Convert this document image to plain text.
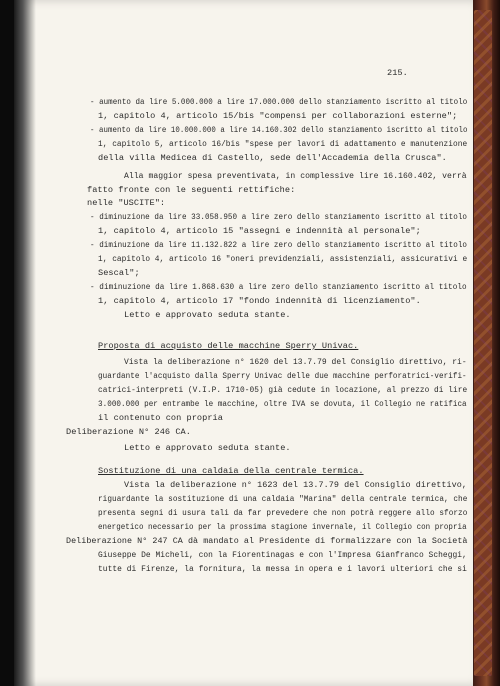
215.
- aumento da lire 5.000.000 a lire 17.000.000 dello stanziamento iscritto al titolo
1, capitolo 4, articolo 15/bis "compensi per collaborazioni esterne";
- aumento da lire 10.000.000 a lire 14.160.302 dello stanziamento iscritto al titolo
1, capitolo 5, articolo 16/bis "spese per lavori di adattamento e manutenzione
della villa Medicea di Castello, sede dell'Accademia della Crusca".
Alla maggior spesa preventivata, in complessive lire 16.160.402, verrà
fatto fronte con le seguenti rettifiche:
nelle "USCITE":
- diminuzione da lire 33.058.950 a lire zero dello stanziamento iscritto al titolo
1, capitolo 4, articolo 15 "assegni e indennità al personale";
- diminuzione da lire 11.132.822 a lire zero dello stanziamento iscritto al titolo
1, capitolo 4, articolo 16 "oneri previdenziali, assistenziali, assicurativi e
Sescal";
- diminuzione da lire 1.868.630 a lire zero dello stanziamento iscritto al titolo
1, capitolo 4, articolo 17 "fondo indennità di licenziamento".
Letto e approvato seduta stante.
Proposta di acquisto delle macchine Sperry Univac.
Vista la deliberazione n° 1620 del 13.7.79 del Consiglio direttivo, ri-
guardante l'acquisto dalla Sperry Univac delle due macchine perforatrici-verifi-
catrici-interpreti (V.I.P. 1710-05) già cedute in locazione, al prezzo di lire
3.000.000 per entrambe le macchine, oltre IVA se dovuta, il Collegio ne ratifica
il contenuto con propria
Deliberazione N° 246 CA.
Letto e approvato seduta stante.
Sostituzione di una caldaia della centrale termica.
Vista la deliberazione n° 1623 del 13.7.79 del Consiglio direttivo,
riguardante la sostituzione di una caldaia "Marina" della centrale termica, che
presenta segni di usura tali da far prevedere che non potrà reggere allo sforzo
energetico necessario per la prossima stagione invernale, il Collegio con propria
Deliberazione N° 247 CA dà mandato al Presidente di formalizzare con la Società
Giuseppe De Micheli, con la Fiorentinagas e con l'Impresa Gianfranco Scheggi,
tutte di Firenze, la fornitura, la messa in opera e i lavori ulteriori che si
